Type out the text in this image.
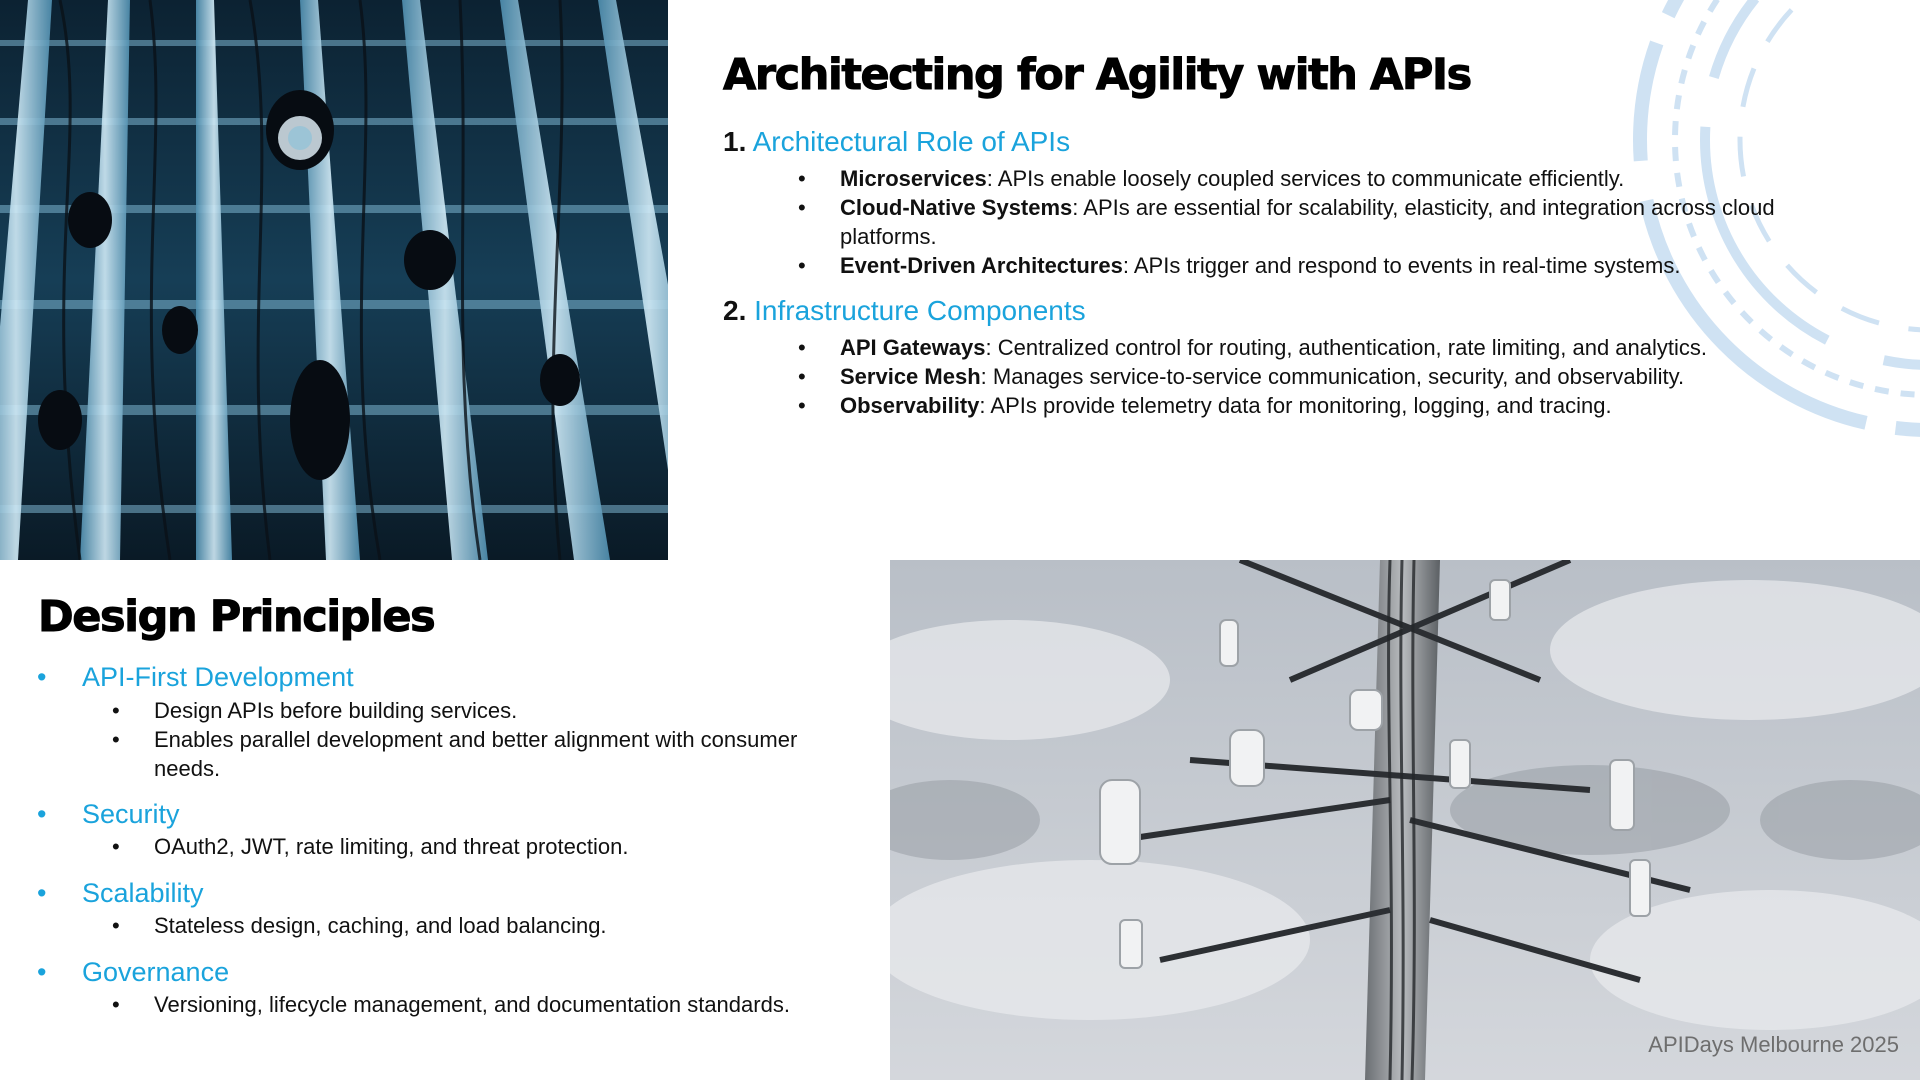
Architecting for Agility with APIs
1. Architectural Role of APIs
• Microservices: APIs enable loosely coupled services to communicate efficiently.
• Cloud-Native Systems: APIs are essential for scalability, elasticity, and integration across cloud platforms.
• Event-Driven Architectures: APIs trigger and respond to events in real-time systems.
2. Infrastructure Components
• API Gateways: Centralized control for routing, authentication, rate limiting, and analytics.
• Service Mesh: Manages service-to-service communication, security, and observability.
• Observability: APIs provide telemetry data for monitoring, logging, and tracing.
Design Principles
• API-First Development
• Design APIs before building services.
• Enables parallel development and better alignment with consumer needs.
• Security
• OAuth2, JWT, rate limiting, and threat protection.
• Scalability
• Stateless design, caching, and load balancing.
• Governance
• Versioning, lifecycle management, and documentation standards.
APIDays Melbourne 2025
